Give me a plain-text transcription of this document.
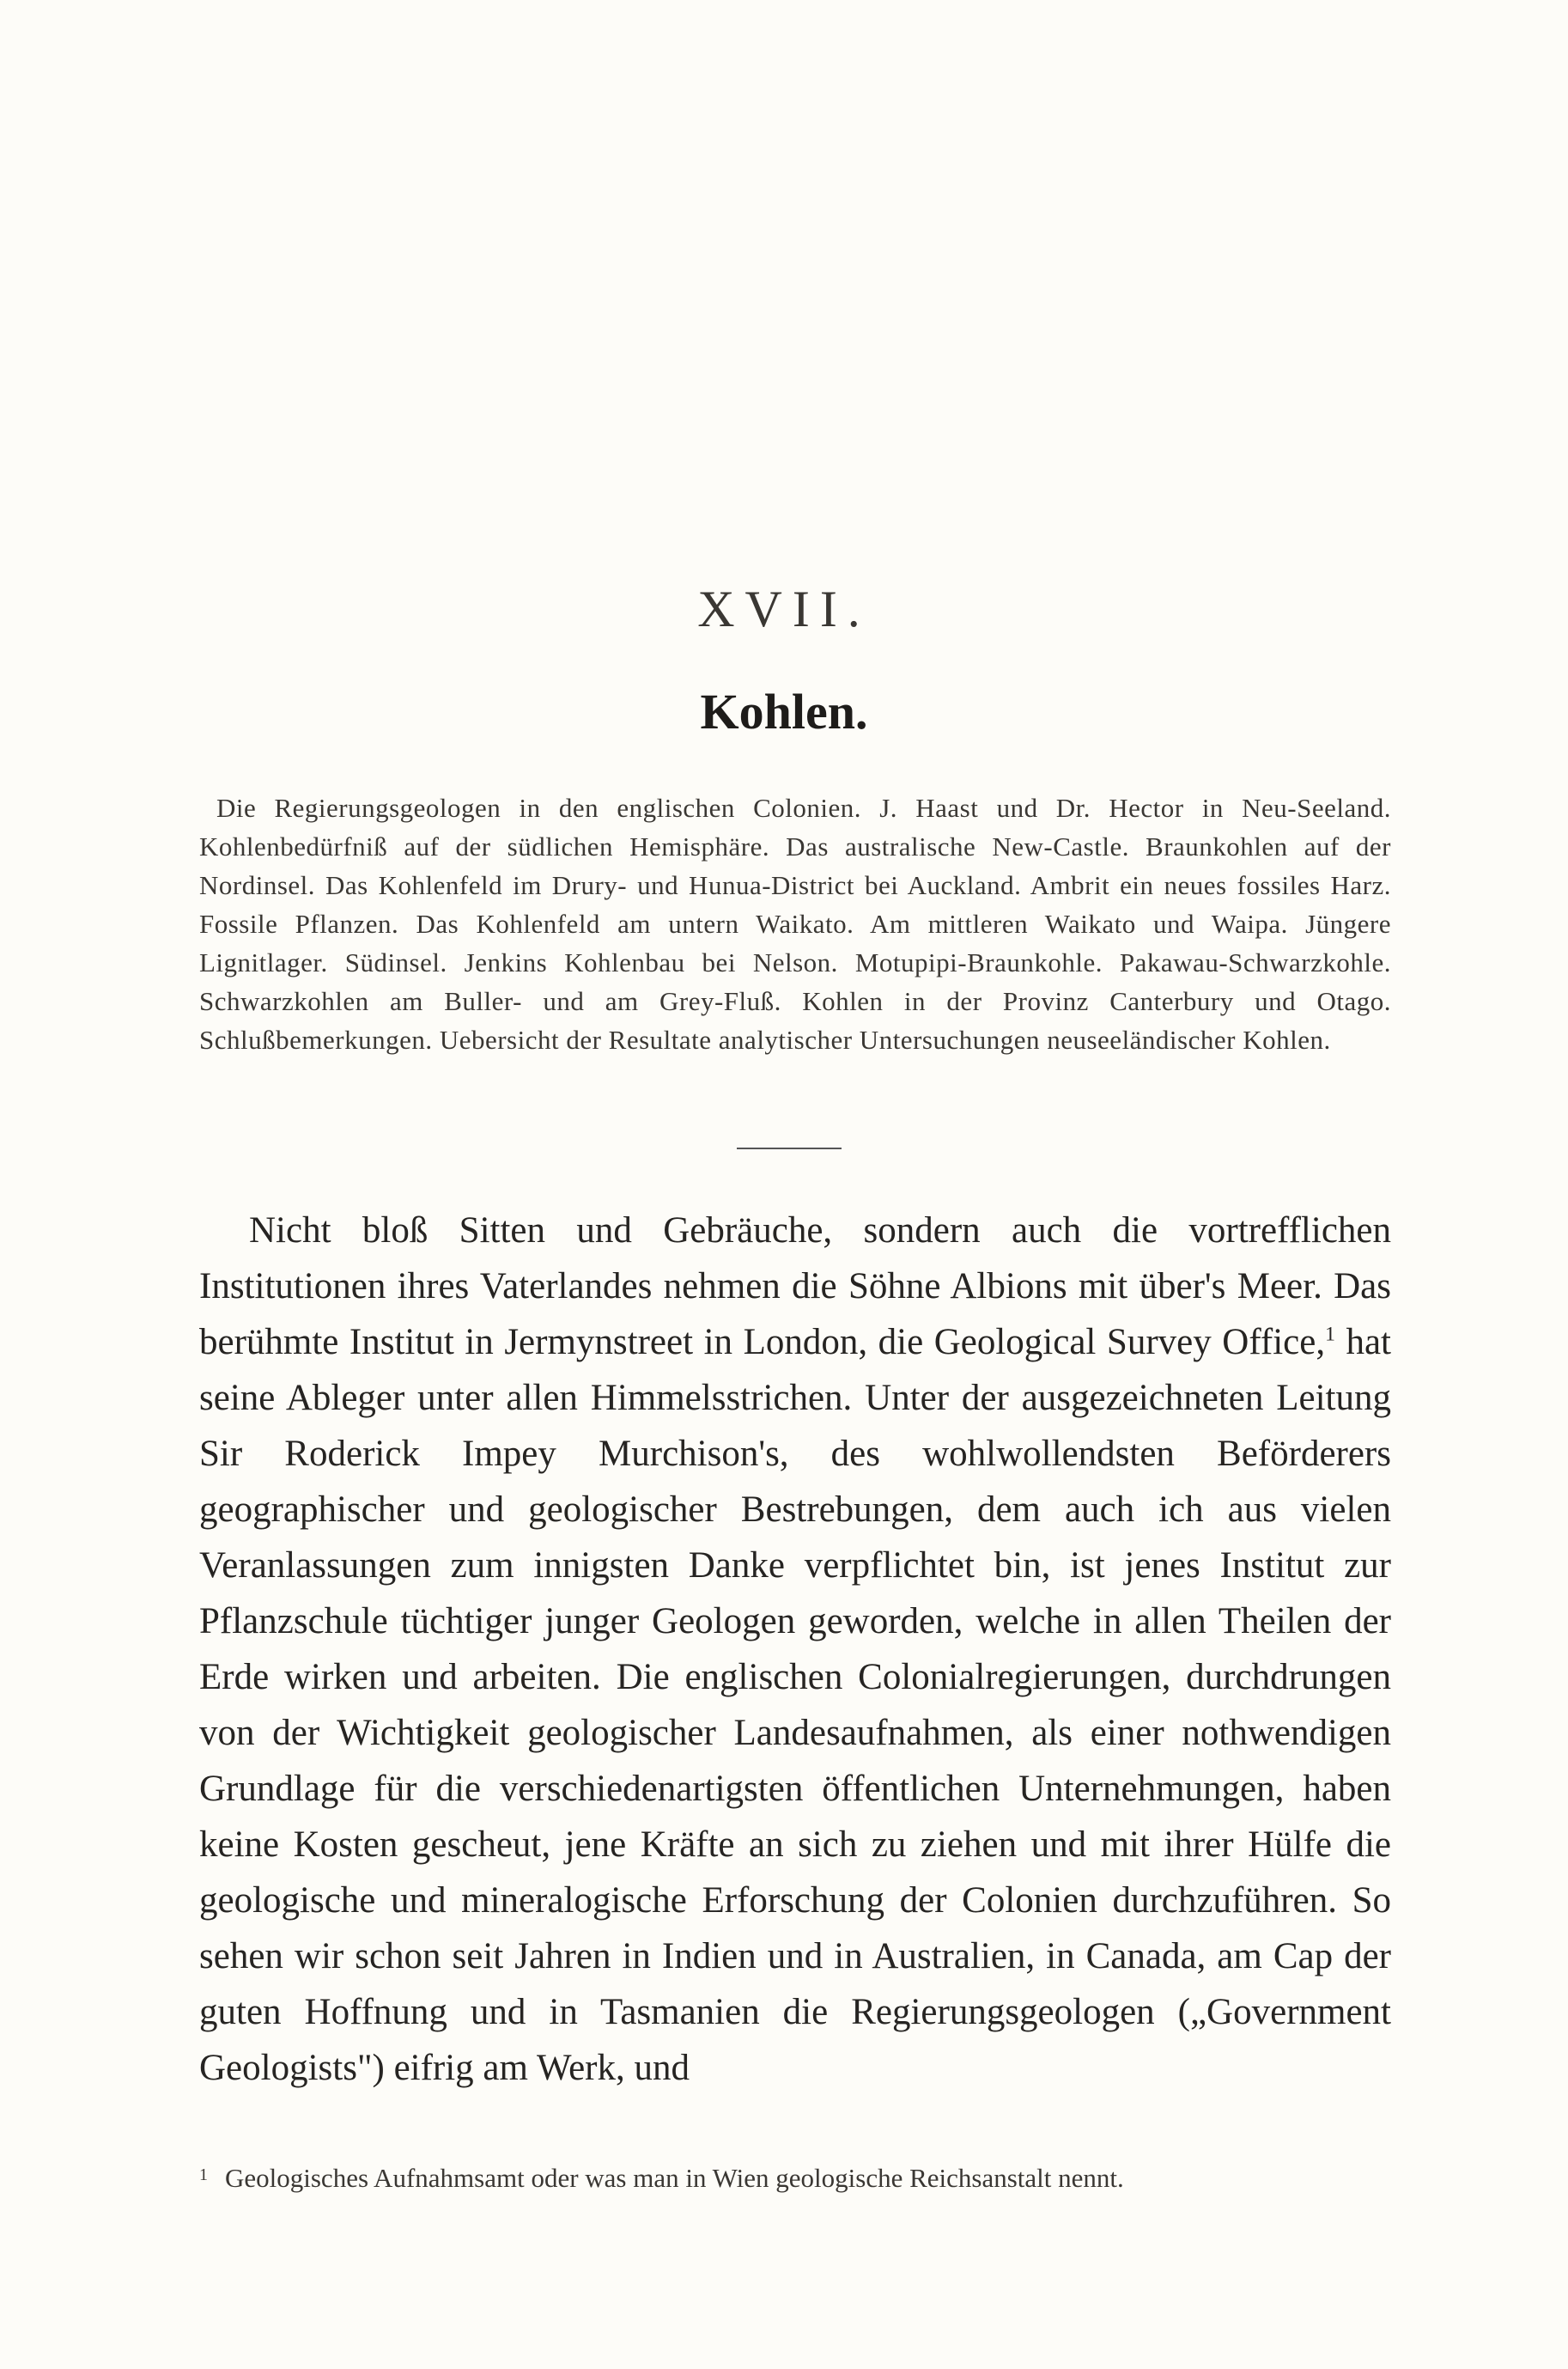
XVII.
Kohlen.
Die Regierungsgeologen in den englischen Colonien. J. Haast und Dr. Hector in Neu-Seeland. Kohlenbedürfniß auf der südlichen Hemisphäre. Das australische New-Castle. Braunkohlen auf der Nordinsel. Das Kohlenfeld im Drury- und Hunua-District bei Auckland. Ambrit ein neues fossiles Harz. Fossile Pflanzen. Das Kohlenfeld am untern Waikato. Am mittleren Waikato und Waipa. Jüngere Lignitlager. Südinsel. Jenkins Kohlenbau bei Nelson. Motupipi-Braunkohle. Pakawau-Schwarzkohle. Schwarzkohlen am Buller- und am Grey-Fluß. Kohlen in der Provinz Canterbury und Otago. Schlußbemerkungen. Uebersicht der Resultate analytischer Untersuchungen neuseeländischer Kohlen.
Nicht bloß Sitten und Gebräuche, sondern auch die vortrefflichen Institutionen ihres Vaterlandes nehmen die Söhne Albions mit über's Meer. Das berühmte Institut in Jermynstreet in London, die Geological Survey Office,$^1$ hat seine Ableger unter allen Himmelsstrichen. Unter der ausgezeichneten Leitung Sir Roderick Impey Murchison's, des wohlwollendsten Beförderers geographischer und geologischer Bestrebungen, dem auch ich aus vielen Veranlassungen zum innigsten Danke verpflichtet bin, ist jenes Institut zur Pflanzschule tüchtiger junger Geologen geworden, welche in allen Theilen der Erde wirken und arbeiten. Die englischen Colonialregierungen, durchdrungen von der Wichtigkeit geologischer Landesaufnahmen, als einer nothwendigen Grundlage für die verschiedenartigsten öffentlichen Unternehmungen, haben keine Kosten gescheut, jene Kräfte an sich zu ziehen und mit ihrer Hülfe die geologische und mineralogische Erforschung der Colonien durchzuführen. So sehen wir schon seit Jahren in Indien und in Australien, in Canada, am Cap der guten Hoffnung und in Tasmanien die Regierungsgeologen („Government Geologists") eifrig am Werk, und
1 Geologisches Aufnahmsamt oder was man in Wien geologische Reichsanstalt nennt.
